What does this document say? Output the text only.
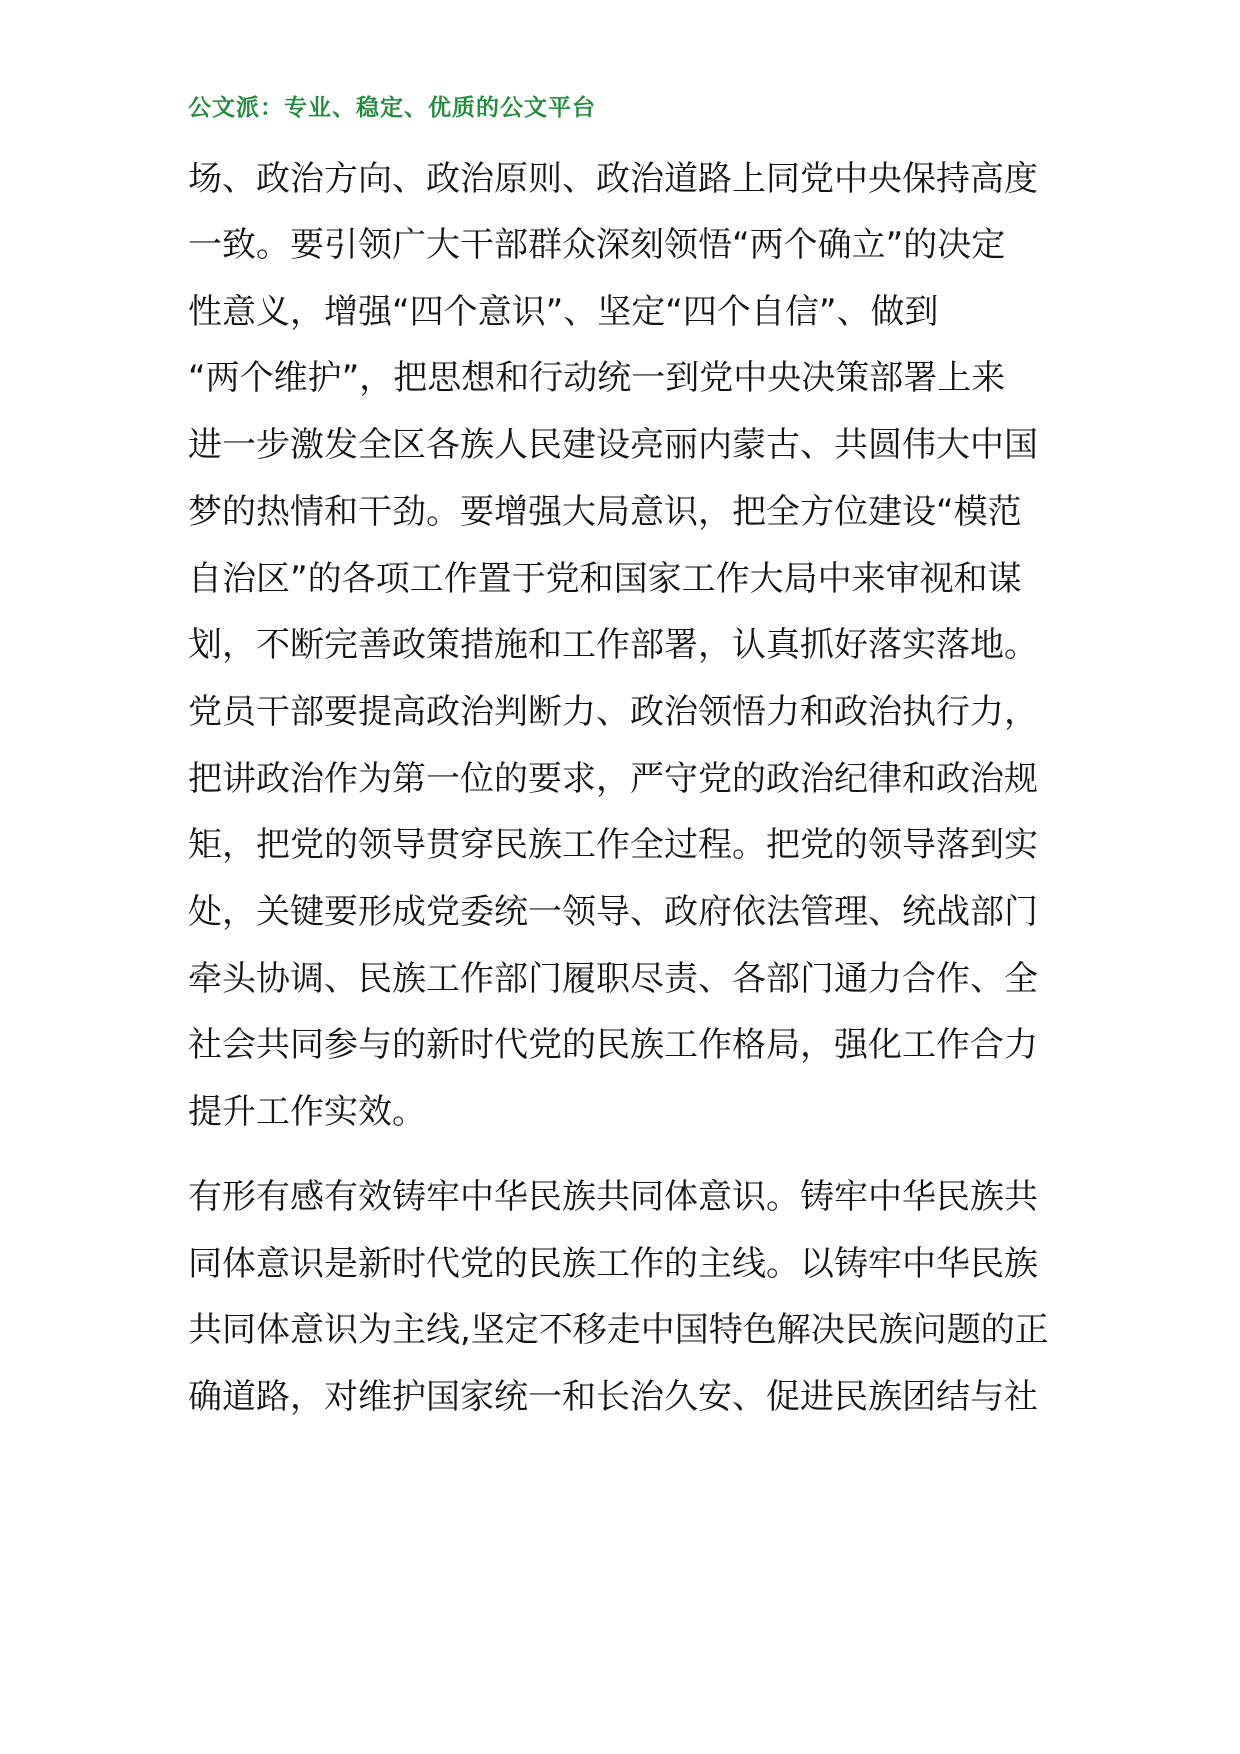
公文派：专业、稳定、优质的公文平台
场、政治方向、政治原则、政治道路上同党中央保持高度
一致。要引领广大干部群众深刻领悟“两个确立”的决定
性意义，增强“四个意识”、坚定“四个自信”、做到
“两个维护”，把思想和行动统一到党中央决策部署上来
进一步激发全区各族人民建设亮丽内蒙古、共圆伟大中国
梦的热情和干劲。要增强大局意识，把全方位建设“模范
自治区”的各项工作置于党和国家工作大局中来审视和谋
划，不断完善政策措施和工作部署，认真抓好落实落地。
党员干部要提高政治判断力、政治领悟力和政治执行力，
把讲政治作为第一位的要求，严守党的政治纪律和政治规
矩，把党的领导贯穿民族工作全过程。把党的领导落到实
处，关键要形成党委统一领导、政府依法管理、统战部门
牵头协调、民族工作部门履职尽责、各部门通力合作、全
社会共同参与的新时代党的民族工作格局，强化工作合力
提升工作实效。
有形有感有效铸牢中华民族共同体意识。铸牢中华民族共
同体意识是新时代党的民族工作的主线。以铸牢中华民族
共同体意识为主线,坚定不移走中国特色解决民族问题的正
确道路，对维护国家统一和长治久安、促进民族团结与社
